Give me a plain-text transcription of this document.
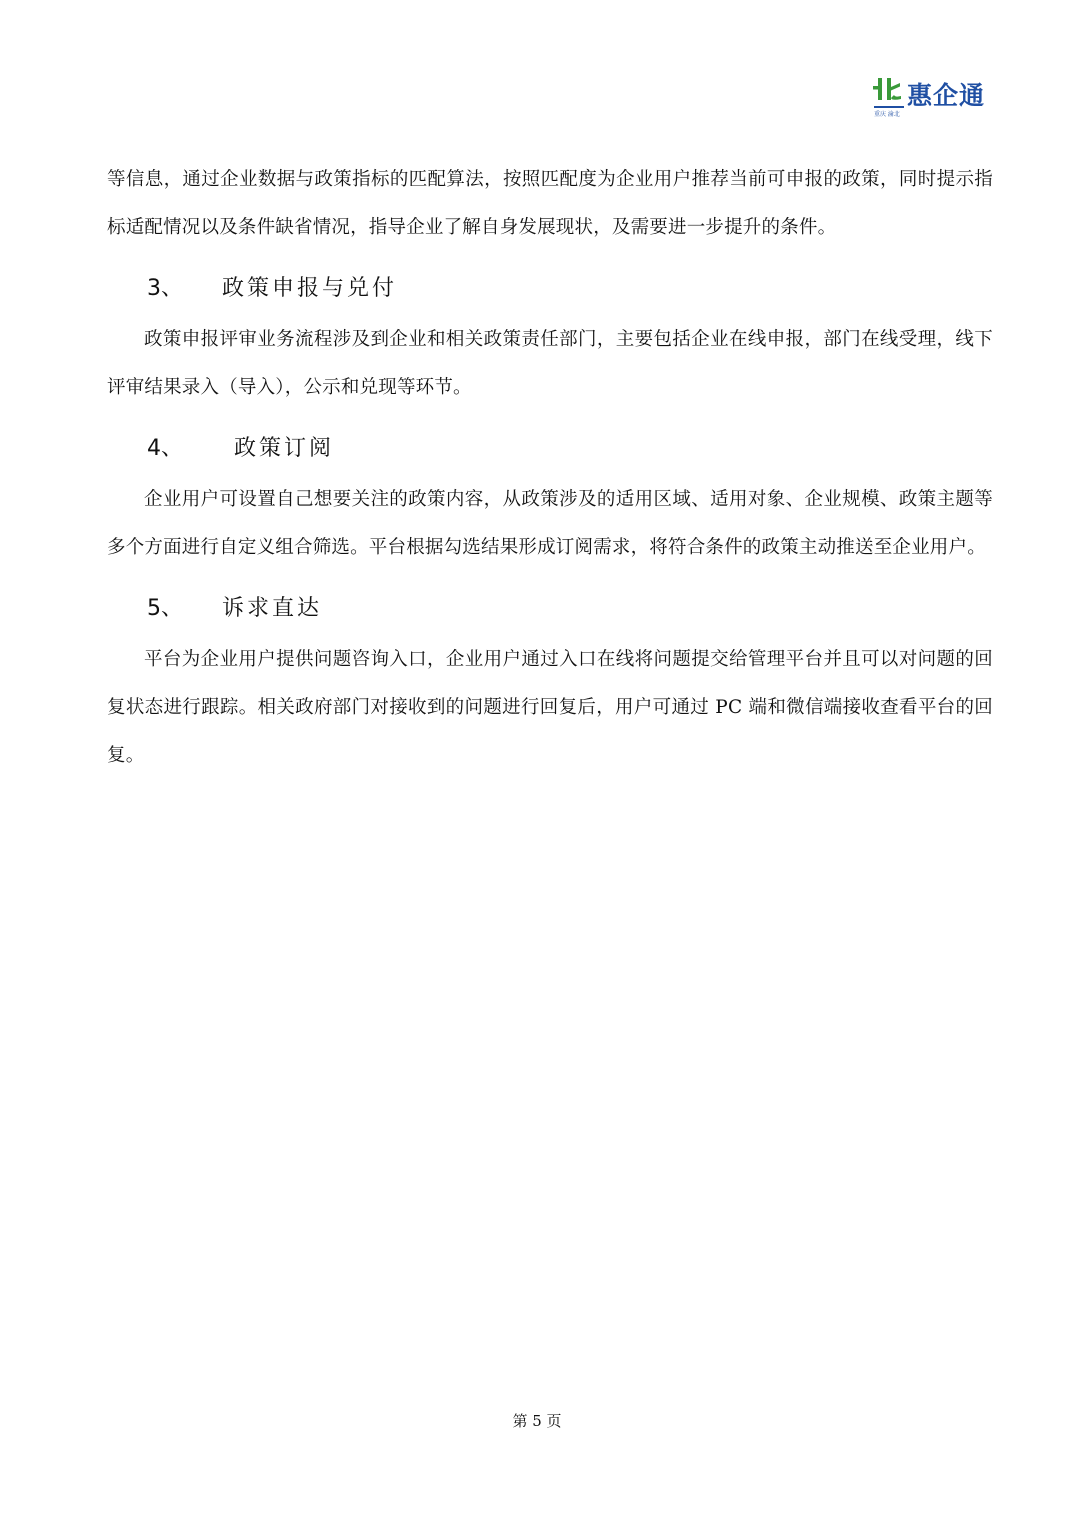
重庆 渝北
惠企通

等信息，通过企业数据与政策指标的匹配算法，按照匹配度为企业用户推荐当前可申报的政策，同时提示指标适配情况以及条件缺省情况，指导企业了解自身发展现状，及需要进一步提升的条件。

3、	政策申报与兑付

政策申报评审业务流程涉及到企业和相关政策责任部门，主要包括企业在线申报，部门在线受理，线下评审结果录入（导入），公示和兑现等环节。

4、	政策订阅

企业用户可设置自己想要关注的政策内容，从政策涉及的适用区域、适用对象、企业规模、政策主题等多个方面进行自定义组合筛选。平台根据勾选结果形成订阅需求，将符合条件的政策主动推送至企业用户。

5、	诉求直达

平台为企业用户提供问题咨询入口，企业用户通过入口在线将问题提交给管理平台并且可以对问题的回复状态进行跟踪。相关政府部门对接收到的问题进行回复后，用户可通过 PC 端和微信端接收查看平台的回复。

第 5 页
